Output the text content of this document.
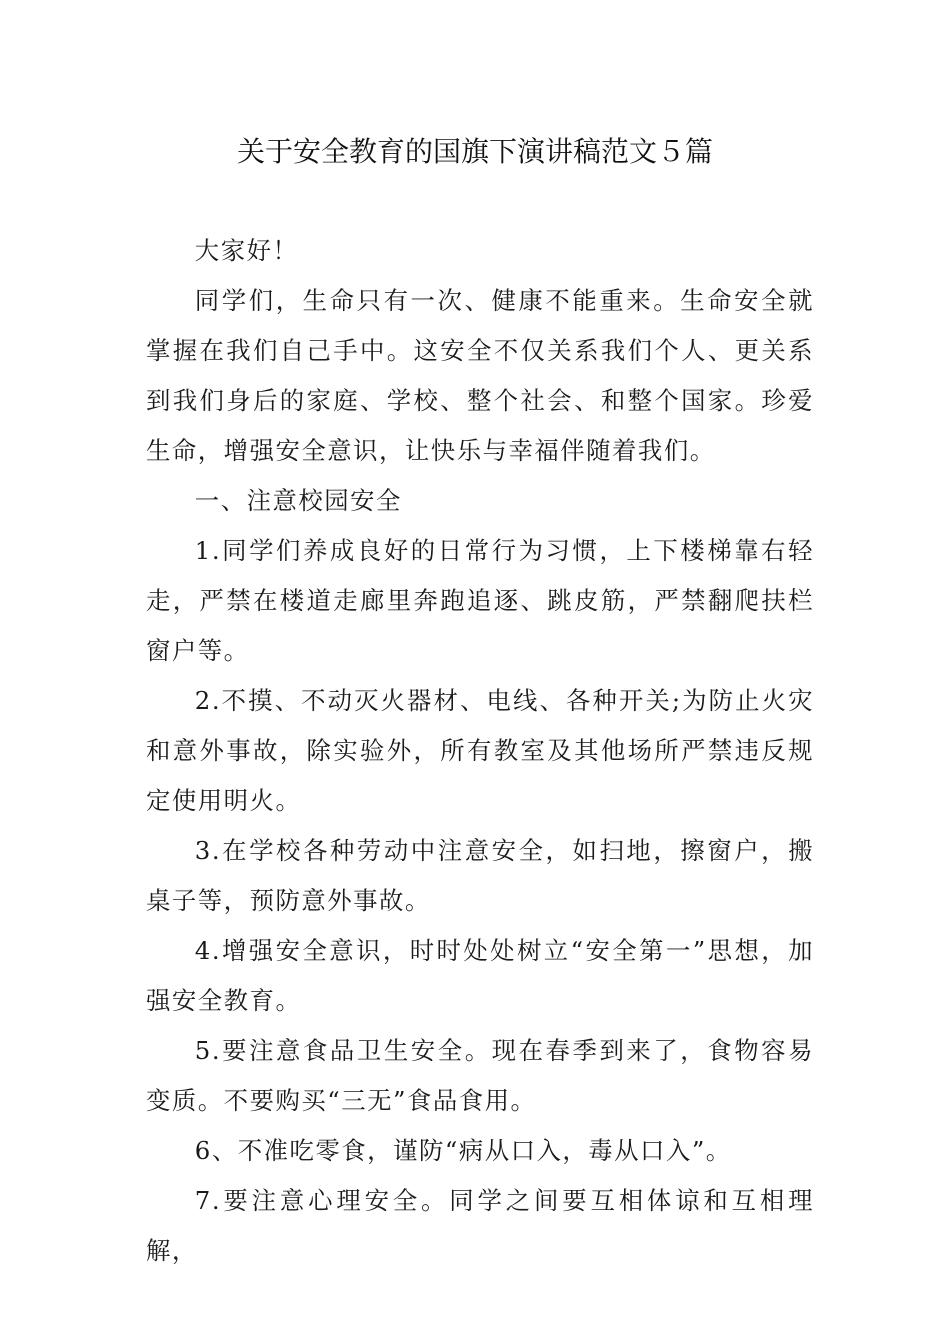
关于安全教育的国旗下演讲稿范文５篇

大家好！

同学们，生命只有一次、健康不能重来。生命安全就掌握在我们自己手中。这安全不仅关系我们个人、更关系到我们身后的家庭、学校、整个社会、和整个国家。珍爱生命，增强安全意识，让快乐与幸福伴随着我们。

一、注意校园安全

1.同学们养成良好的日常行为习惯，上下楼梯靠右轻走，严禁在楼道走廊里奔跑追逐、跳皮筋，严禁翻爬扶栏窗户等。

2.不摸、不动灭火器材、电线、各种开关;为防止火灾和意外事故，除实验外，所有教室及其他场所严禁违反规定使用明火。

3.在学校各种劳动中注意安全，如扫地，擦窗户，搬桌子等，预防意外事故。

4.增强安全意识，时时处处树立“安全第一”思想，加强安全教育。

5.要注意食品卫生安全。现在春季到来了，食物容易变质。不要购买“三无”食品食用。

6、不准吃零食，谨防“病从口入，毒从口入”。

7.要注意心理安全。同学之间要互相体谅和互相理解，
